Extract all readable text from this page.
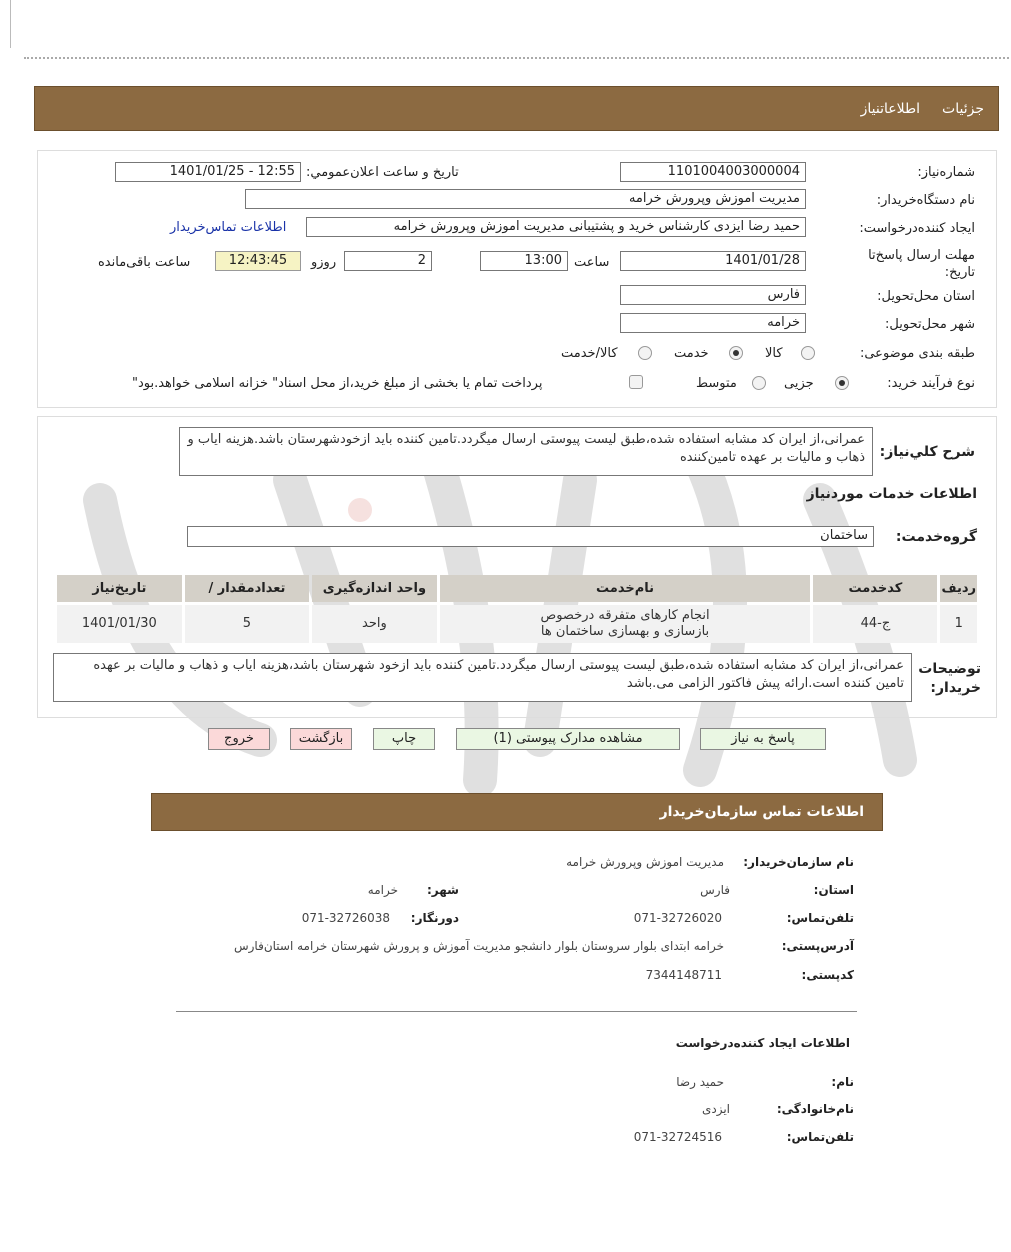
جزئیات
اطلاعاتنیاز
شماره‌نیاز:
1101004003000004
تاریخ و ساعت اعلان‌عمومي:
1401/01/25 - 12:55
نام دستگاه‌خریدار:
مدیریت اموزش وپرورش خرامه
ایجاد کننده‌درخواست:
حمید رضا ایزدی کارشناس خرید و پشتیبانی مدیریت اموزش وپرورش خرامه
اطلاعات تماس‌خریدار
مهلت ارسال پاسخ‌تا تاریخ:
1401/01/28
ساعت
13:00
2
روزو
12:43:45
ساعت باقی‌مانده
استان محل‌تحویل:
فارس
شهر محل‌تحویل:
خرامه
طبقه بندی موضوعی:
کالا
خدمت
کالا/خدمت
نوع فرآیند خرید:
جزیی
متوسط
پرداخت تمام یا بخشی از مبلغ خرید،از محل اسناد" خزانه اسلامی خواهد.بود"
شرح کلي‌نیاز:
عمرانی،از ایران کد مشابه استفاده شده،طبق لیست پیوستی ارسال میگردد.تامین کننده باید ازخودشهرستان باشد.هزینه ایاب و ذهاب و مالیات بر عهده تامین‌کننده
اطلاعات خدمات موردنیاز
گروه‌خدمت:
ساختمان
ردیف	کدخدمت	نام‌خدمت	واحد اندازه‌گیری	تعدادمقدار /	تاریخ‌نیاز
1	ج-44	انجام کارهای متفرقه درخصوص بازسازی و بهسازی ساختمان ها	واحد	5	1401/01/30
توضیحات خریدار:
عمرانی،از ایران کد مشابه استفاده شده،طبق لیست پیوستی ارسال میگردد.تامین کننده باید ازخود شهرستان باشد،هزینه ایاب و ذهاب و مالیات بر عهده تامین کننده است.ارائه پیش فاکتور الزامی می.باشد
پاسخ به نیاز
مشاهده مدارک پیوستی (1)
چاپ
بازگشت
خروج
اطلاعات تماس سازمان‌خریدار
نام سازمان‌خریدار:
مدیریت اموزش وپرورش خرامه
استان:
فارس
شهر:
خرامه
تلفن‌تماس:
071-32726020
دورنگار:
071-32726038
آدرس‌پستی:
خرامه ابتدای بلوار سروستان بلوار دانشجو مدیریت آموزش و پرورش شهرستان خرامه استان‌فارس
کدپستی:
7344148711
اطلاعات ایجاد کننده‌درخواست
نام:
حمید رضا
نام‌خانوادگی:
ایزدی
تلفن‌تماس:
071-32724516
